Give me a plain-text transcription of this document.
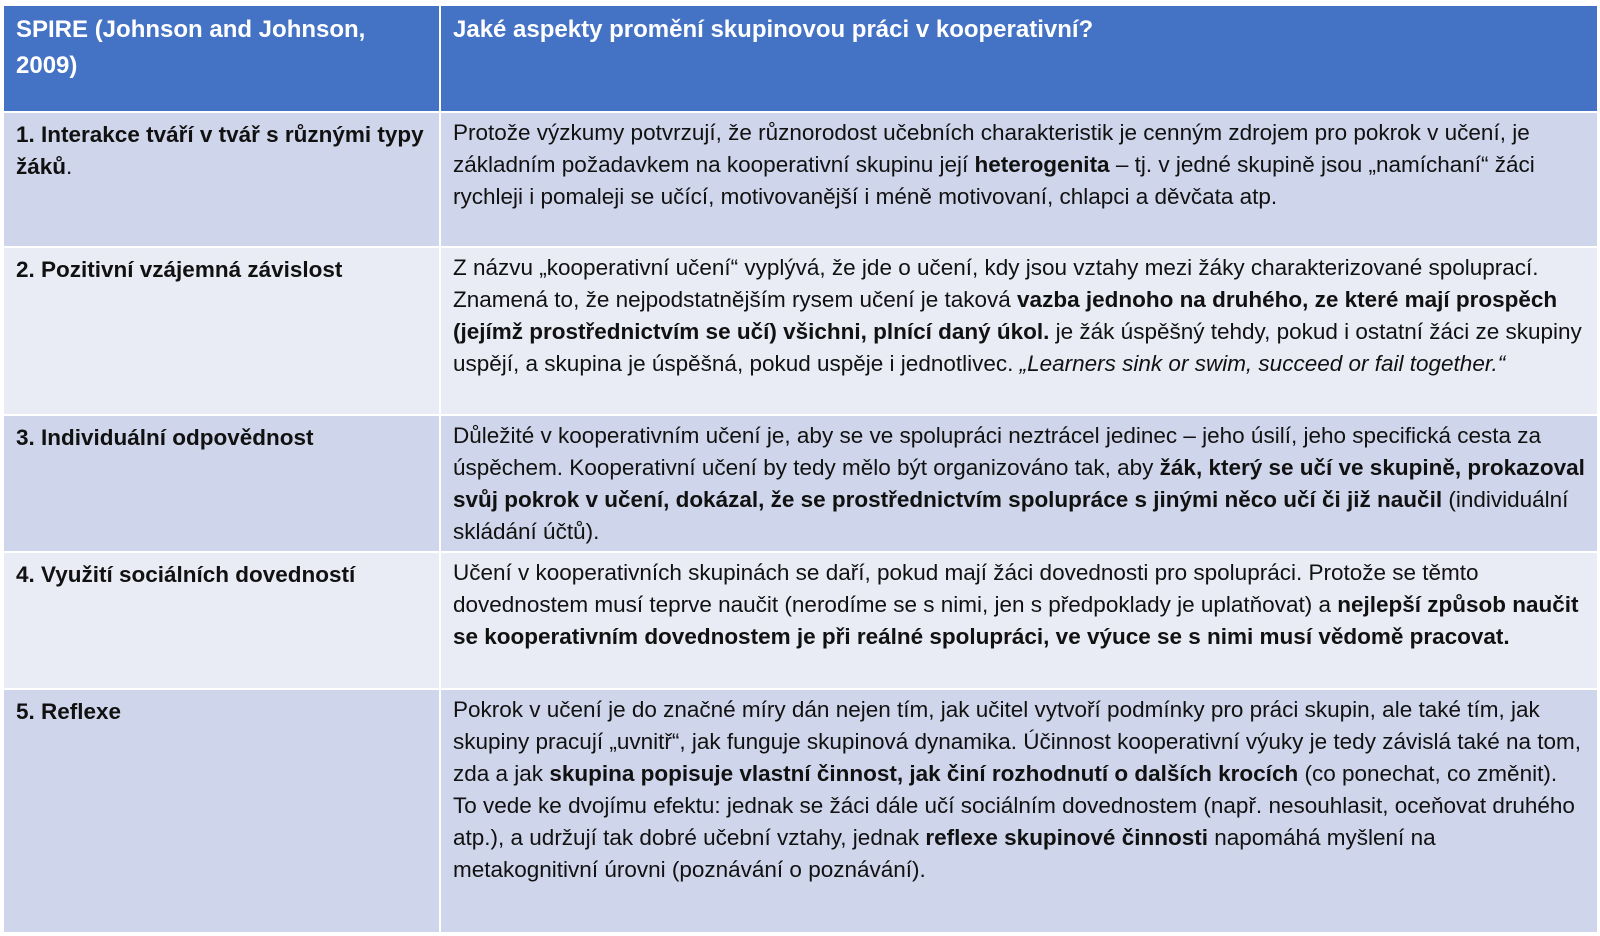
SPIRE (Johnson and Johnson, 2009)	Jaké aspekty promění skupinovou práci v kooperativní?
1. Interakce tváří v tvář s různými typy žáků.	Protože výzkumy potvrzují, že různorodost učebních charakteristik je cenným zdrojem pro pokrok v učení, je základním požadavkem na kooperativní skupinu její heterogenita – tj. v jedné skupině jsou „namíchaní“ žáci rychleji i pomaleji se učící, motivovanější i méně motivovaní, chlapci a děvčata atp.
2. Pozitivní vzájemná závislost	Z názvu „kooperativní učení“ vyplývá, že jde o učení, kdy jsou vztahy mezi žáky charakterizované spoluprací. Znamená to, že nejpodstatnějším rysem učení je taková vazba jednoho na druhého, ze které mají prospěch (jejímž prostřednictvím se učí) všichni, plnící daný úkol. je žák úspěšný tehdy, pokud i ostatní žáci ze skupiny uspějí, a skupina je úspěšná, pokud uspěje i jednotlivec. „Learners sink or swim, succeed or fail together.“
3. Individuální odpovědnost	Důležité v kooperativním učení je, aby se ve spolupráci neztrácel jedinec – jeho úsilí, jeho specifická cesta za úspěchem. Kooperativní učení by tedy mělo být organizováno tak, aby žák, který se učí ve skupině, prokazoval svůj pokrok v učení, dokázal, že se prostřednictvím spolupráce s jinými něco učí či již naučil (individuální skládání účtů).
4. Využití sociálních dovedností	Učení v kooperativních skupinách se daří, pokud mají žáci dovednosti pro spolupráci. Protože se těmto dovednostem musí teprve naučit (nerodíme se s nimi, jen s předpoklady je uplatňovat) a nejlepší způsob naučit se kooperativním dovednostem je při reálné spolupráci, ve výuce se s nimi musí vědomě pracovat.
5. Reflexe	Pokrok v učení je do značné míry dán nejen tím, jak učitel vytvoří podmínky pro práci skupin, ale také tím, jak skupiny pracují „uvnitř“, jak funguje skupinová dynamika. Účinnost kooperativní výuky je tedy závislá také na tom, zda a jak skupina popisuje vlastní činnost, jak činí rozhodnutí o dalších krocích (co ponechat, co změnit). To vede ke dvojímu efektu: jednak se žáci dále učí sociálním dovednostem (např. nesouhlasit, oceňovat druhého atp.), a udržují tak dobré učební vztahy, jednak reflexe skupinové činnosti napomáhá myšlení na metakognitivní úrovni (poznávání o poznávání).
